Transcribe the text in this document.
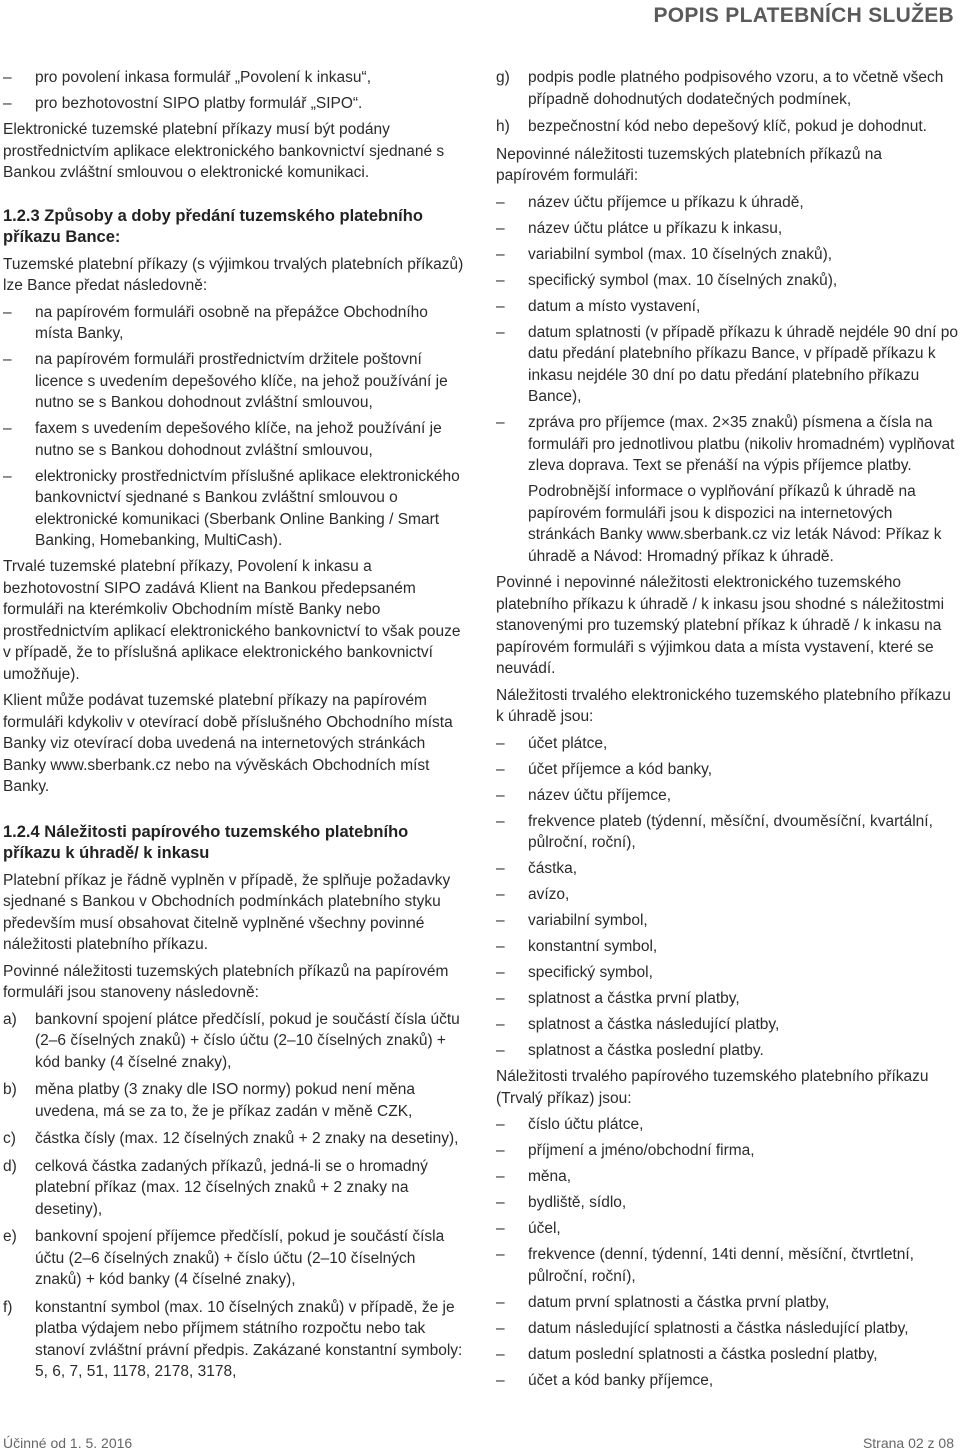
POPIS PLATEBNÍCH SLUŽEB
– pro povolení inkasa formulář „Povolení k inkasu“,
– pro bezhotovostní SIPO platby formulář „SIPO“.

Elektronické tuzemské platební příkazy musí být podány prostřednictvím aplikace elektronického bankovnictví sjednané s Bankou zvláštní smlouvou o elektronické komunikaci.

1.2.3 Způsoby a doby předání tuzemského platebního příkazu Bance:

Tuzemské platební příkazy (s výjimkou trvalých platebních příkazů) lze Bance předat následovně:

– na papírovém formuláři osobně na přepážce Obchodního místa Banky,
– na papírovém formuláři prostřednictvím držitele poštovní licence s uvedením depešového klíče, na jehož používání je nutno se s Bankou dohodnout zvláštní smlouvou,
– faxem s uvedením depešového klíče, na jehož používání je nutno se s Bankou dohodnout zvláštní smlouvou,
– elektronicky prostřednictvím příslušné aplikace elektronického bankovnictví sjednané s Bankou zvláštní smlouvou o elektronické komunikaci (Sberbank Online Banking / Smart Banking, Homebanking, MultiCash).

Trvalé tuzemské platební příkazy, Povolení k inkasu a bezhotovostní SIPO zadává Klient na Bankou předepsaném formuláři na kterémkoliv Obchodním místě Banky nebo prostřednictvím aplikací elektronického bankovnictví to však pouze v případě, že to příslušná aplikace elektronického bankovnictví umožňuje).

Klient může podávat tuzemské platební příkazy na papírovém formuláři kdykoliv v otevírací době příslušného Obchodního místa Banky viz otevírací doba uvedená na internetových stránkách Banky www.sberbank.cz nebo na vývěskách Obchodních míst Banky.

1.2.4 Náležitosti papírového tuzemského platebního příkazu k úhradě/ k inkasu

Platební příkaz je řádně vyplněn v případě, že splňuje požadavky sjednané s Bankou v Obchodních podmínkách platebního styku především musí obsahovat čitelně vyplněné všechny povinné náležitosti platebního příkazu.

Povinné náležitosti tuzemských platebních příkazů na papírovém formuláři jsou stanoveny následovně:

a) bankovní spojení plátce předčíslí, pokud je součástí čísla účtu (2–6 číselných znaků) + číslo účtu (2–10 číselných znaků) + kód banky (4 číselné znaky),
b) měna platby (3 znaky dle ISO normy) pokud není měna uvedena, má se za to, že je příkaz zadán v měně CZK,
c) částka čísly (max. 12 číselných znaků + 2 znaky na desetiny),
d) celková částka zadaných příkazů, jedná-li se o hromadný platební příkaz (max. 12 číselných znaků + 2 znaky na desetiny),
e) bankovní spojení příjemce předčíslí, pokud je součástí čísla účtu (2–6 číselných znaků) + číslo účtu (2–10 číselných znaků) + kód banky (4 číselné znaky),
f) konstantní symbol (max. 10 číselných znaků) v případě, že je platba výdajem nebo příjmem státního rozpočtu nebo tak stanoví zvláštní právní předpis. Zakázané konstantní symboly: 5, 6, 7, 51, 1178, 2178, 3178,
g) podpis podle platného podpisového vzoru, a to včetně všech případně dohodnutých dodatečných podmínek,
h) bezpečnostní kód nebo depešový klíč, pokud je dohodnut.

Nepovinné náležitosti tuzemských platebních příkazů na papírovém formuláři:

– název účtu příjemce u příkazu k úhradě,
– název účtu plátce u příkazu k inkasu,
– variabilní symbol (max. 10 číselných znaků),
– specifický symbol (max. 10 číselných znaků),
– datum a místo vystavení,
– datum splatnosti (v případě příkazu k úhradě nejdéle 90 dní po datu předání platebního příkazu Bance, v případě příkazu k inkasu nejdéle 30 dní po datu předání platebního příkazu Bance),
– zpráva pro příjemce (max. 2×35 znaků) písmena a čísla na formuláři pro jednotlivou platbu (nikoliv hromadném) vyplňovat zleva doprava. Text se přenáší na výpis příjemce platby.

Podrobnější informace o vyplňování příkazů k úhradě na papírovém formuláři jsou k dispozici na internetových stránkách Banky www.sberbank.cz viz leták Návod: Příkaz k úhradě a Návod: Hromadný příkaz k úhradě.

Povinné i nepovinné náležitosti elektronického tuzemského platebního příkazu k úhradě / k inkasu jsou shodné s náležitostmi stanovenými pro tuzemský platební příkaz k úhradě / k inkasu na papírovém formuláři s výjimkou data a místa vystavení, které se neuvádí.

Náležitosti trvalého elektronického tuzemského platebního příkazu k úhradě jsou:

– účet plátce,
– účet příjemce a kód banky,
– název účtu příjemce,
– frekvence plateb (týdenní, měsíční, dvouměsíční, kvartální, půlroční, roční),
– částka,
– avízo,
– variabilní symbol,
– konstantní symbol,
– specifický symbol,
– splatnost a částka první platby,
– splatnost a částka následující platby,
– splatnost a částka poslední platby.

Náležitosti trvalého papírového tuzemského platebního příkazu (Trvalý příkaz) jsou:

– číslo účtu plátce,
– příjmení a jméno/obchodní firma,
– měna,
– bydliště, sídlo,
– účel,
– frekvence (denní, týdenní, 14ti denní, měsíční, čtvrtletní, půlroční, roční),
– datum první splatnosti a částka první platby,
– datum následující splatnosti a částka následující platby,
– datum poslední splatnosti a částka poslední platby,
– účet a kód banky příjemce,
Účinné od 1. 5. 2016	Strana 02 z 08
